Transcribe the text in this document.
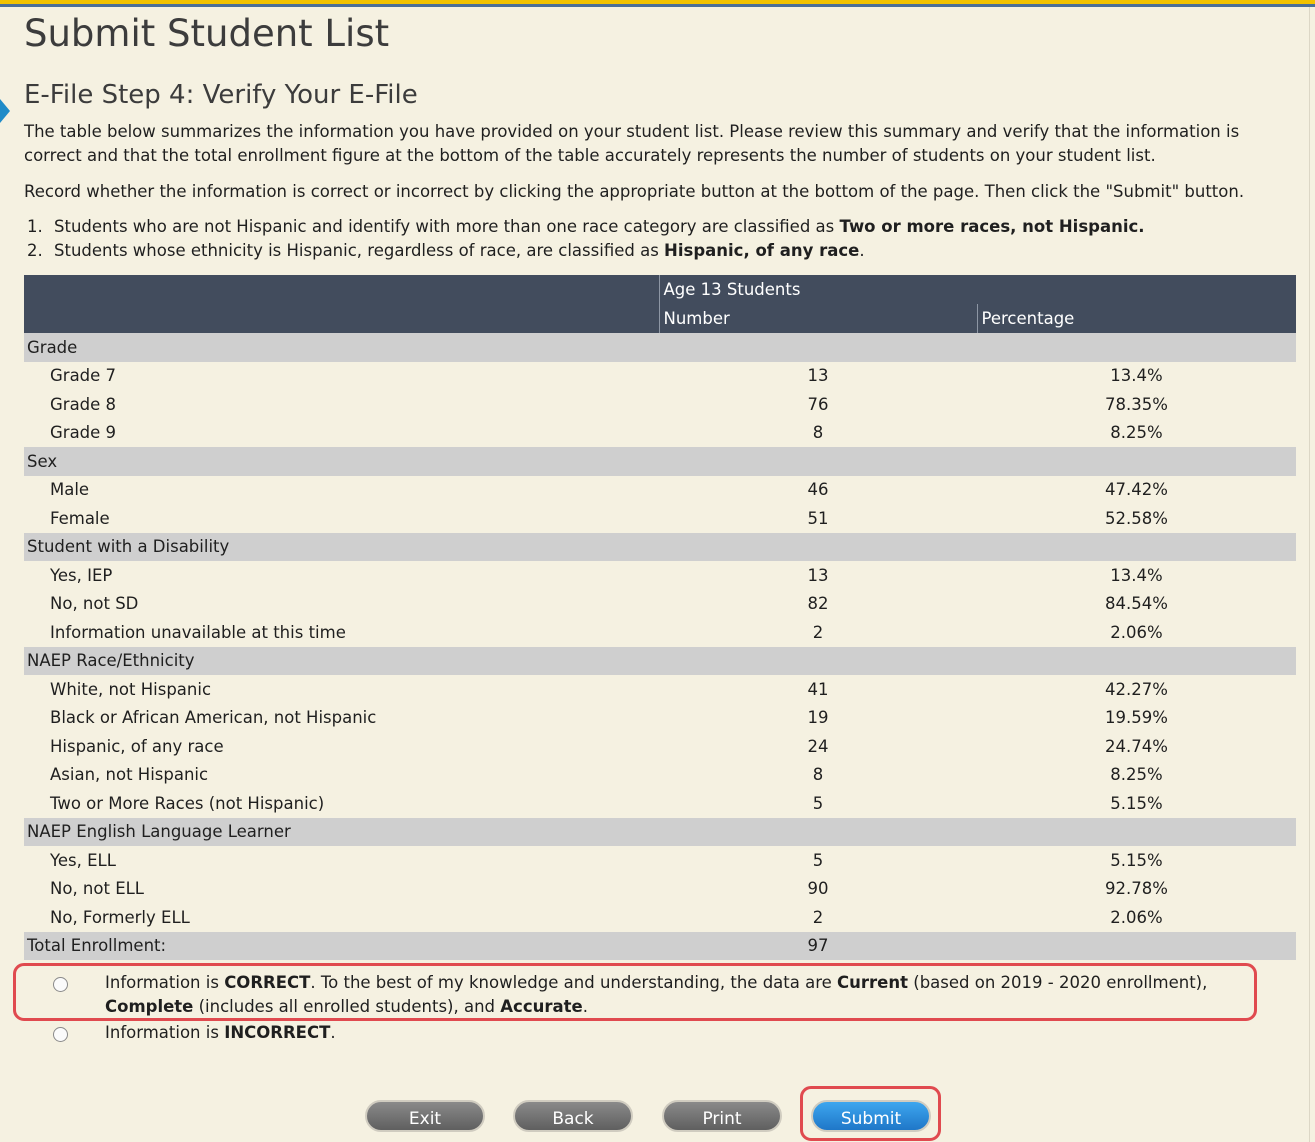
Submit Student List
E-File Step 4: Verify Your E-File

The table below summarizes the information you have provided on your student list. Please review this summary and verify that the information is correct and that the total enrollment figure at the bottom of the table accurately represents the number of students on your student list.

Record whether the information is correct or incorrect by clicking the appropriate button at the bottom of the page. Then click the "Submit" button.

1. Students who are not Hispanic and identify with more than one race category are classified as Two or more races, not Hispanic.
2. Students whose ethnicity is Hispanic, regardless of race, are classified as Hispanic, of any race.
	Age 13 Students	
	Number	Percentage
Grade		
Grade 7	13	13.4%
Grade 8	76	78.35%
Grade 9	8	8.25%
Sex		
Male	46	47.42%
Female	51	52.58%
Student with a Disability		
Yes, IEP	13	13.4%
No, not SD	82	84.54%
Information unavailable at this time	2	2.06%
NAEP Race/Ethnicity		
White, not Hispanic	41	42.27%
Black or African American, not Hispanic	19	19.59%
Hispanic, of any race	24	24.74%
Asian, not Hispanic	8	8.25%
Two or More Races (not Hispanic)	5	5.15%
NAEP English Language Learner		
Yes, ELL	5	5.15%
No, not ELL	90	92.78%
No, Formerly ELL	2	2.06%
Total Enrollment:	97	
Information is CORRECT. To the best of my knowledge and understanding, the data are Current (based on 2019 - 2020 enrollment),
Complete (includes all enrolled students), and Accurate.
Information is INCORRECT.
Exit	Back	Print	Submit
